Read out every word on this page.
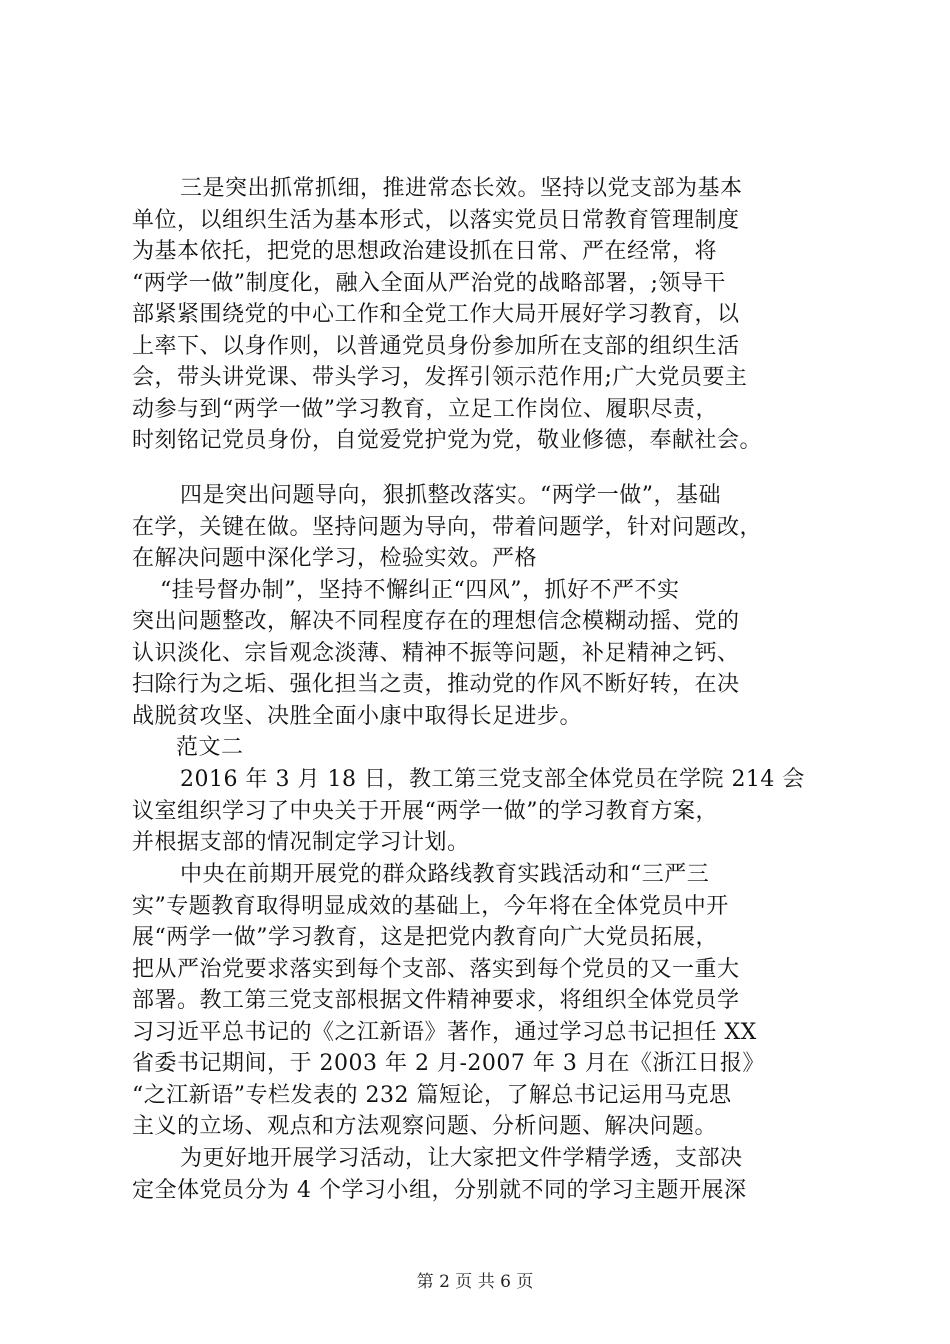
三是突出抓常抓细，推进常态长效。坚持以党支部为基本
单位，以组织生活为基本形式，以落实党员日常教育管理制度
为基本依托，把党的思想政治建设抓在日常、严在经常，将
“两学一做”制度化，融入全面从严治党的战略部署，;领导干
部紧紧围绕党的中心工作和全党工作大局开展好学习教育，以
上率下、以身作则，以普通党员身份参加所在支部的组织生活
会，带头讲党课、带头学习，发挥引领示范作用;广大党员要主
动参与到“两学一做”学习教育，立足工作岗位、履职尽责，
时刻铭记党员身份，自觉爱党护党为党，敬业修德，奉献社会。
四是突出问题导向，狠抓整改落实。“两学一做”，基础
在学，关键在做。坚持问题为导向，带着问题学，针对问题改，
在解决问题中深化学习，检验实效。严格
“挂号督办制”，坚持不懈纠正“四风”，抓好不严不实
突出问题整改，解决不同程度存在的理想信念模糊动摇、党的
认识淡化、宗旨观念淡薄、精神不振等问题，补足精神之钙、
扫除行为之垢、强化担当之责，推动党的作风不断好转，在决
战脱贫攻坚、决胜全面小康中取得长足进步。
范文二
2016 年 3 月 18 日，教工第三党支部全体党员在学院 214 会
议室组织学习了中央关于开展“两学一做”的学习教育方案，
并根据支部的情况制定学习计划。
中央在前期开展党的群众路线教育实践活动和“三严三
实”专题教育取得明显成效的基础上，今年将在全体党员中开
展“两学一做”学习教育，这是把党内教育向广大党员拓展，
把从严治党要求落实到每个支部、落实到每个党员的又一重大
部署。教工第三党支部根据文件精神要求，将组织全体党员学
习习近平总书记的《之江新语》著作，通过学习总书记担任 XX
省委书记期间，于 2003 年 2 月-2007 年 3 月在《浙江日报》
“之江新语”专栏发表的 232 篇短论，了解总书记运用马克思
主义的立场、观点和方法观察问题、分析问题、解决问题。
为更好地开展学习活动，让大家把文件学精学透，支部决
定全体党员分为 4 个学习小组，分别就不同的学习主题开展深
第 2 页 共 6 页
